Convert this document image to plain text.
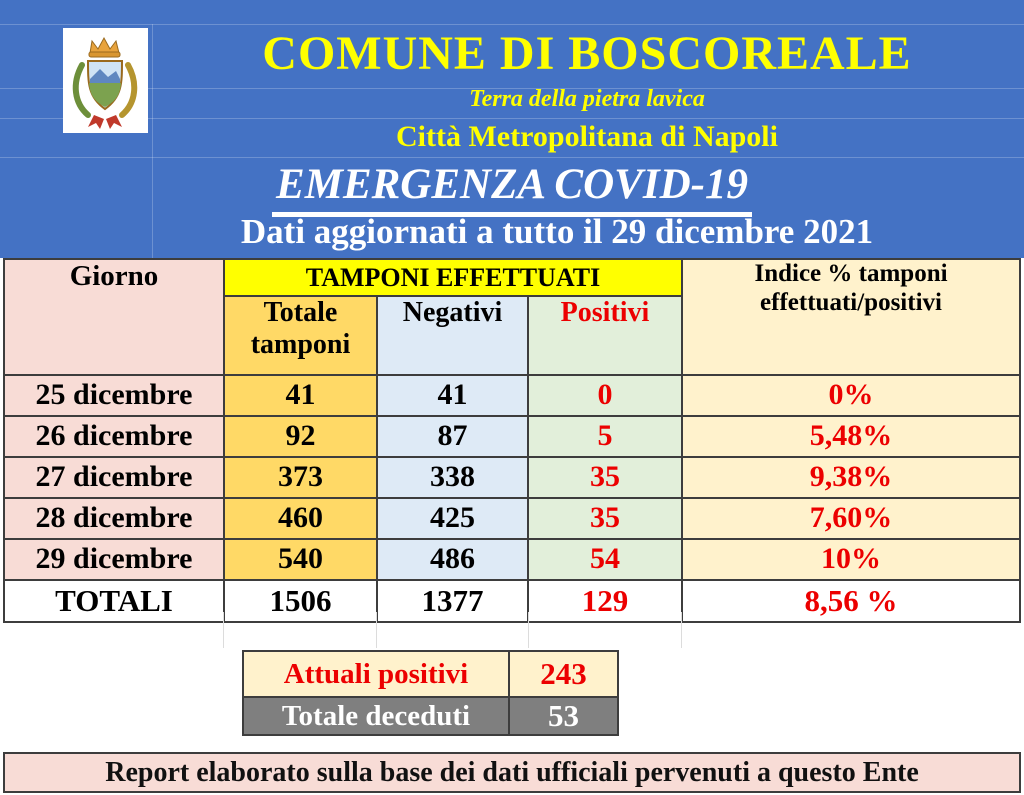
COMUNE DI BOSCOREALE
Terra della pietra lavica
Città Metropolitana di Napoli
EMERGENZA COVID-19
Dati aggiornati a tutto il 29 dicembre 2021
Giorno	TAMPONI EFFETTUATI			Indice % tamponi
effettuati/positivi

	Totale tamponi	Negativi	Positivi	
25 dicembre	41	41	0	0%
26 dicembre	92	87	5	5,48%
27 dicembre	373	338	35	9,38%
28 dicembre	460	425	35	7,60%
29 dicembre	540	486	54	10%
TOTALI	1506	1377	129	8,56 %
Attuali positivi	243
Totale deceduti	53
Report elaborato sulla base dei dati ufficiali pervenuti a questo Ente
